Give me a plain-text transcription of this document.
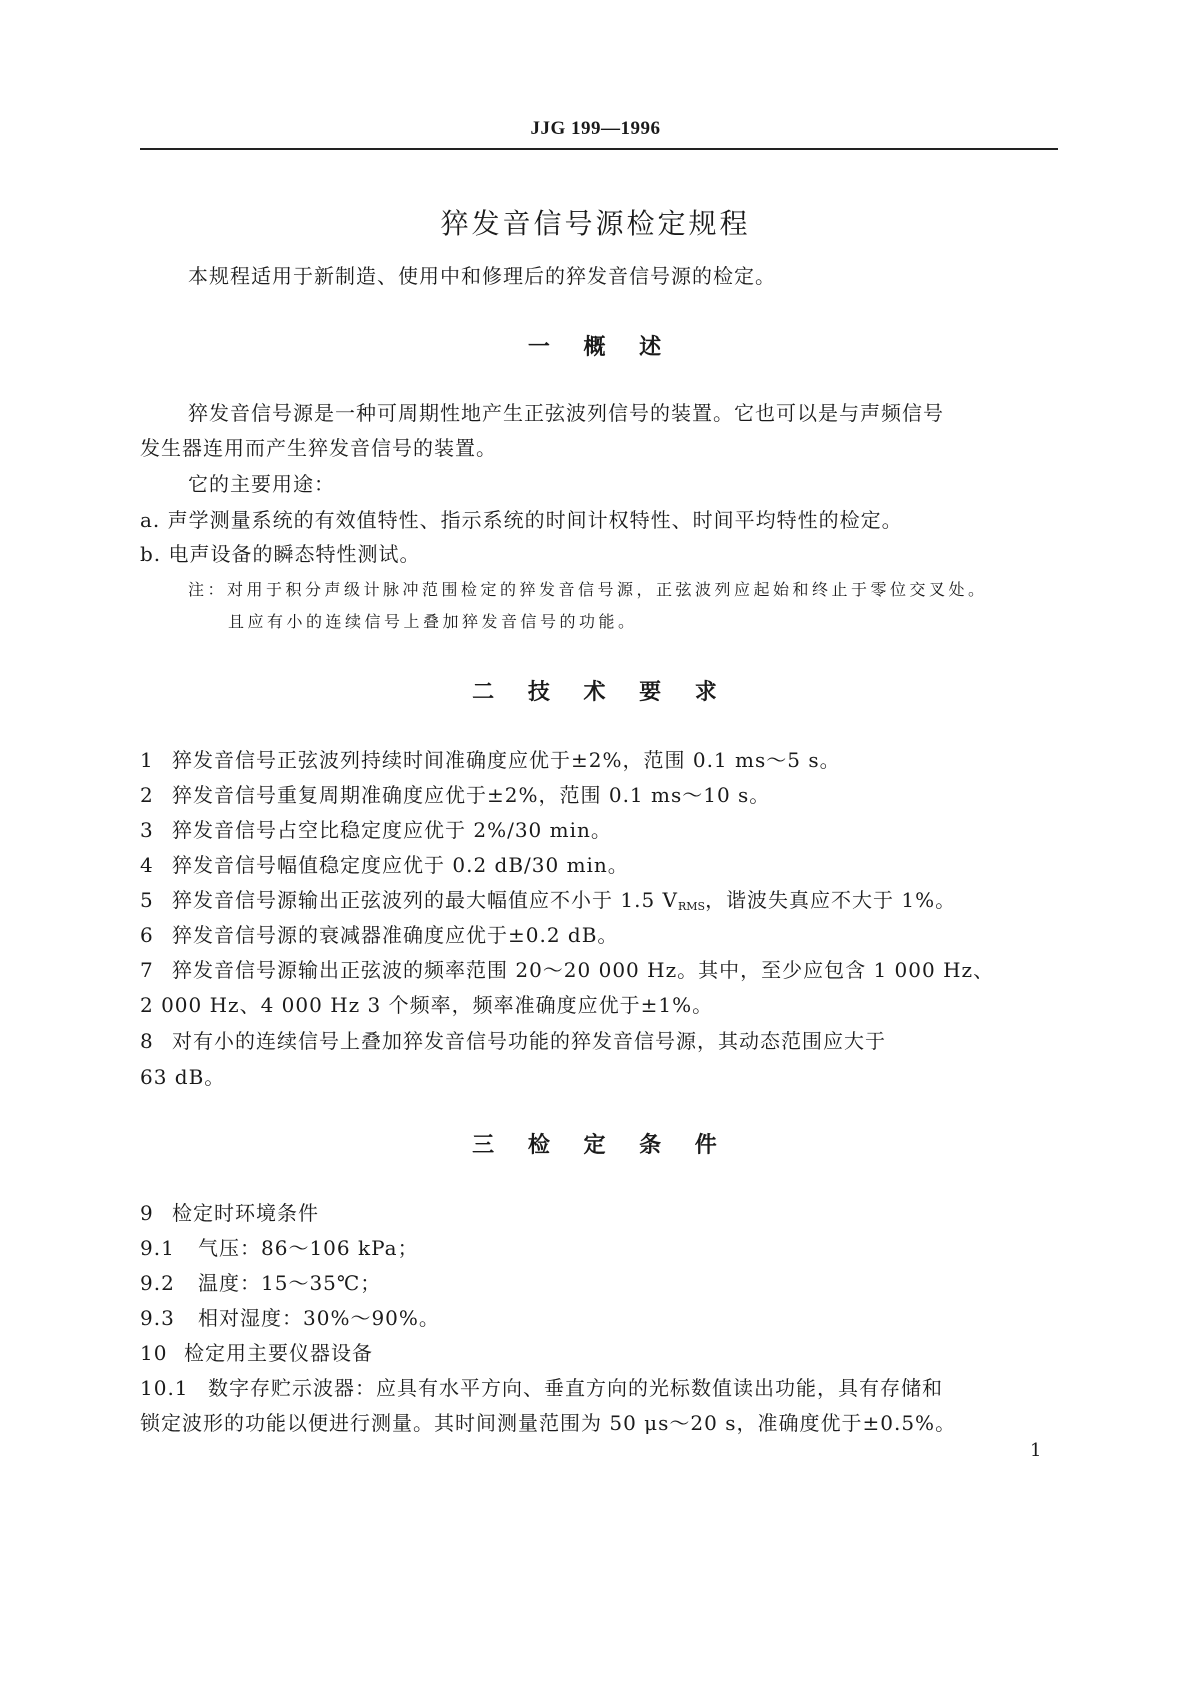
JJG 199—1996
猝发音信号源检定规程
本规程适用于新制造、使用中和修理后的猝发音信号源的检定。
一 概 述
猝发音信号源是一种可周期性地产生正弦波列信号的装置。它也可以是与声频信号
发生器连用而产生猝发音信号的装置。
它的主要用途：
a. 声学测量系统的有效值特性、指示系统的时间计权特性、时间平均特性的检定。
b. 电声设备的瞬态特性测试。
注：对用于积分声级计脉冲范围检定的猝发音信号源，正弦波列应起始和终止于零位交叉处。
且应有小的连续信号上叠加猝发音信号的功能。
二 技 术 要 求
1 猝发音信号正弦波列持续时间准确度应优于±2%，范围 0.1 ms～5 s。
2 猝发音信号重复周期准确度应优于±2%，范围 0.1 ms～10 s。
3 猝发音信号占空比稳定度应优于 2%/30 min。
4 猝发音信号幅值稳定度应优于 0.2 dB/30 min。
5 猝发音信号源输出正弦波列的最大幅值应不小于 1.5 $V_{RMS}$，谐波失真应不大于 1%。
6 猝发音信号源的衰减器准确度应优于±0.2 dB。
7 猝发音信号源输出正弦波的频率范围 20～20 000 Hz。其中，至少应包含 1 000 Hz、
2 000 Hz、4 000 Hz 3 个频率，频率准确度应优于±1%。
8 对有小的连续信号上叠加猝发音信号功能的猝发音信号源，其动态范围应大于
63 dB。
三 检 定 条 件
9 检定时环境条件
9.1 气压：86～106 kPa；
9.2 温度：15～35℃；
9.3 相对湿度：30%～90%。
10 检定用主要仪器设备
10.1 数字存贮示波器：应具有水平方向、垂直方向的光标数值读出功能，具有存储和
锁定波形的功能以便进行测量。其时间测量范围为 50 μs～20 s，准确度优于±0.5%。
1
